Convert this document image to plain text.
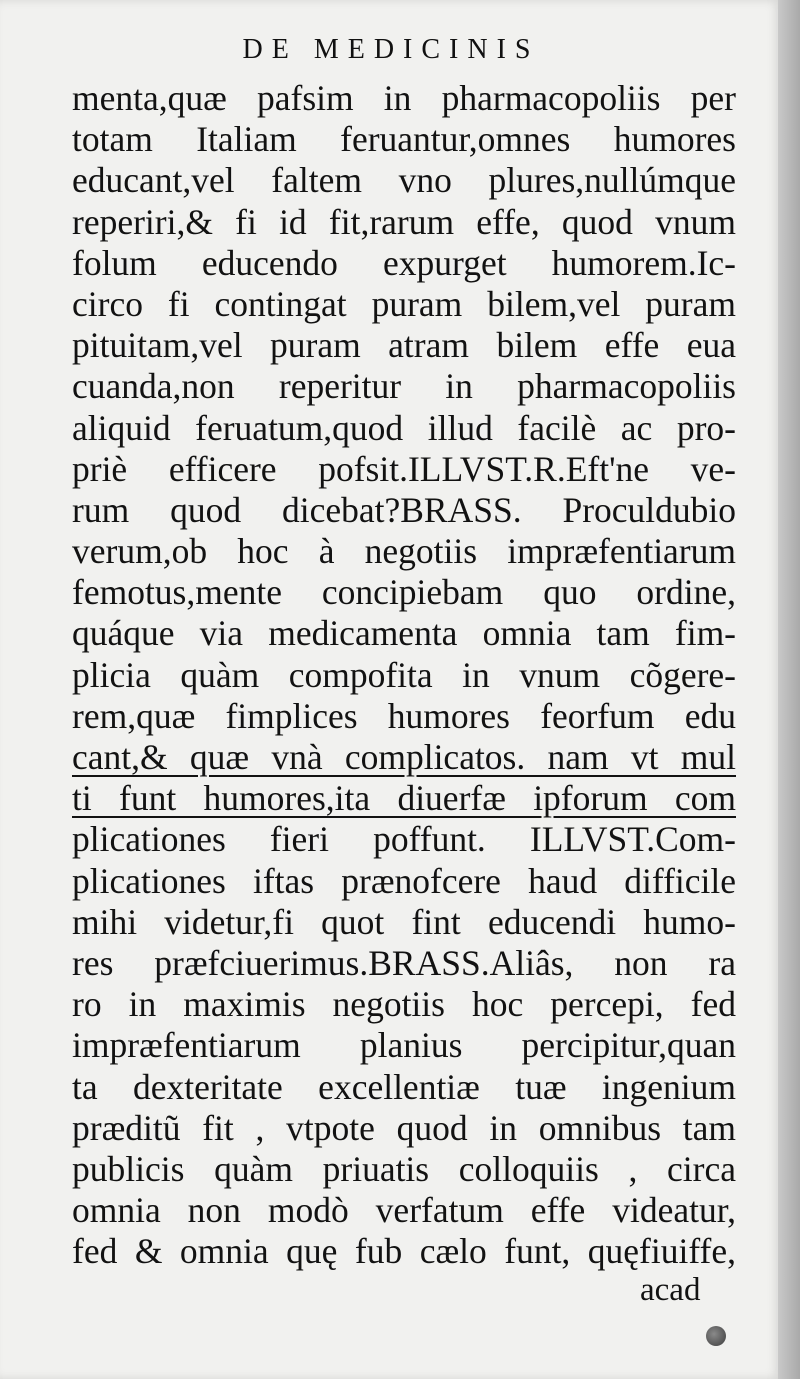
DE MEDICINIS
menta,quæ pafsim in pharmacopoliis per
totam Italiam feruantur,omnes humores
educant,vel faltem vno plures,nullúmque
reperiri,& fi id fit,rarum effe, quod vnum
folum educendo expurget humorem.Ic-
circo fi contingat puram bilem,vel puram
pituitam,vel puram atram bilem effe eua
cuanda,non reperitur in pharmacopoliis
aliquid feruatum,quod illud facilè ac pro-
priè efficere pofsit.ILLVST.R.Eft'ne ve-
rum quod dicebat?BRASS. Proculdubio
verum,ob hoc à negotiis impræfentiarum
femotus,mente concipiebam quo ordine,
quáque via medicamenta omnia tam fim-
plicia quàm compofita in vnum cõgere-
rem,quæ fimplices humores feorfum edu
cant,& quæ vnà complicatos. nam vt mul
ti funt humores,ita diuerfæ ipforum com
plicationes fieri poffunt. ILLVST.Com-
plicationes iftas prænofcere haud difficile
mihi videtur,fi quot fint educendi humo-
res præfciuerimus.BRASS.Aliâs, non ra
ro in maximis negotiis hoc percepi, fed
impræfentiarum planius percipitur,quan
ta dexteritate excellentiæ tuæ ingenium
præditũ fit , vtpote quod in omnibus tam
publicis quàm priuatis colloquiis , circa
omnia non modò verfatum effe videatur,
fed & omnia quę fub cælo funt, quęfiuiffe,
acad
